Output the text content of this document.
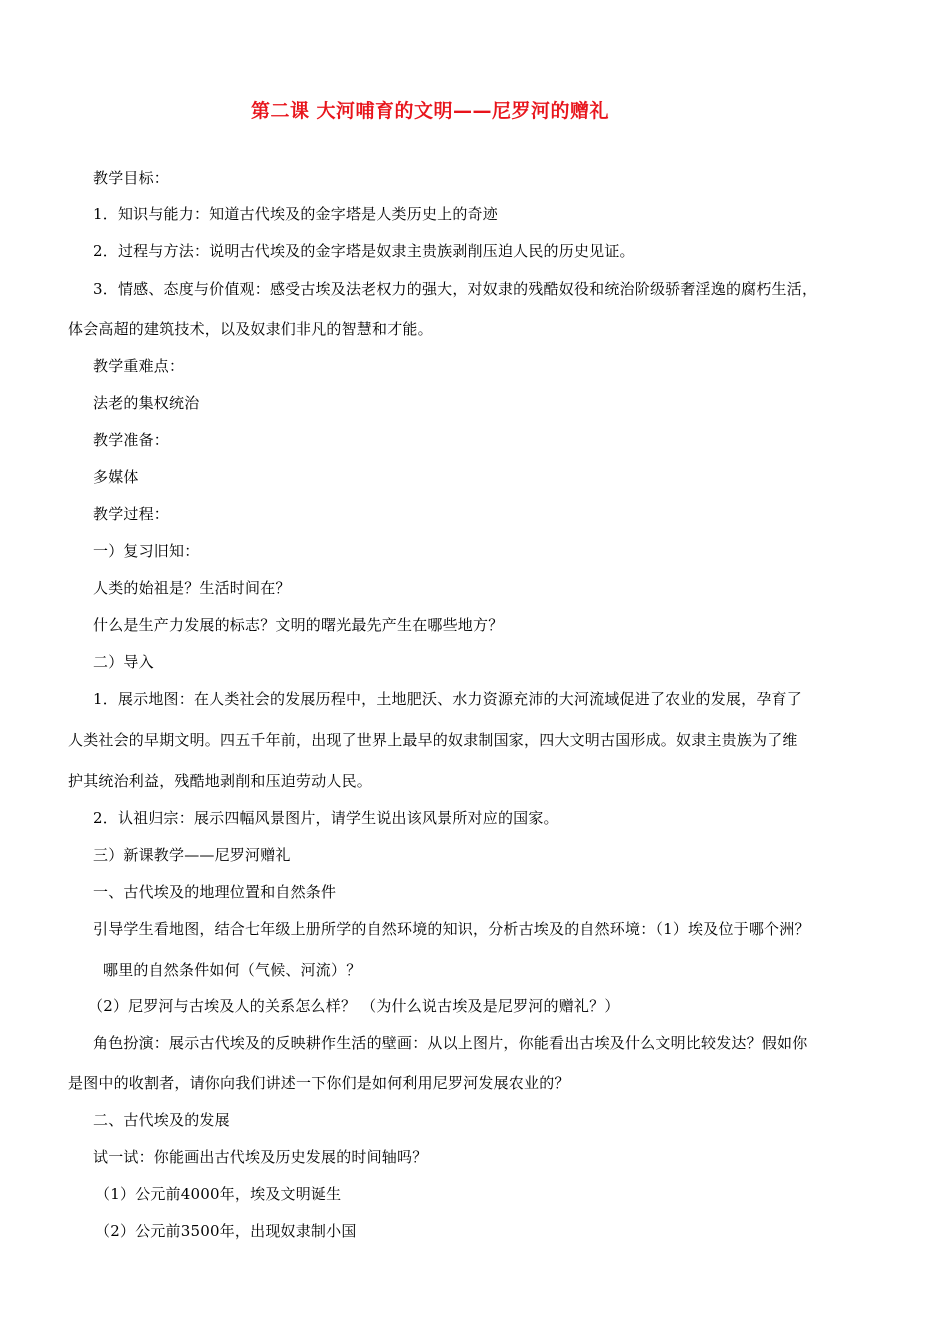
第二课 大河哺育的文明——尼罗河的赠礼
教学目标：
1．知识与能力：知道古代埃及的金字塔是人类历史上的奇迹
2．过程与方法：说明古代埃及的金字塔是奴隶主贵族剥削压迫人民的历史见证。
3．情感、态度与价值观：感受古埃及法老权力的强大，对奴隶的残酷奴役和统治阶级骄奢淫逸的腐朽生活，
体会高超的建筑技术，以及奴隶们非凡的智慧和才能。
教学重难点：
法老的集权统治
教学准备：
多媒体
教学过程：
一）复习旧知：
人类的始祖是？生活时间在？
什么是生产力发展的标志？文明的曙光最先产生在哪些地方？
二）导入
1．展示地图：在人类社会的发展历程中，土地肥沃、水力资源充沛的大河流域促进了农业的发展，孕育了
人类社会的早期文明。四五千年前，出现了世界上最早的奴隶制国家，四大文明古国形成。奴隶主贵族为了维
护其统治利益，残酷地剥削和压迫劳动人民。
2．认祖归宗：展示四幅风景图片，请学生说出该风景所对应的国家。
三）新课教学——尼罗河赠礼
一、古代埃及的地理位置和自然条件
引导学生看地图，结合七年级上册所学的自然环境的知识，分析古埃及的自然环境：（1）埃及位于哪个洲？
哪里的自然条件如何（气候、河流）？
（2）尼罗河与古埃及人的关系怎么样？ （为什么说古埃及是尼罗河的赠礼？）
角色扮演：展示古代埃及的反映耕作生活的壁画：从以上图片，你能看出古埃及什么文明比较发达？假如你
是图中的收割者，请你向我们讲述一下你们是如何利用尼罗河发展农业的？
二、古代埃及的发展
试一试：你能画出古代埃及历史发展的时间轴吗？
（1）公元前4000年，埃及文明诞生
（2）公元前3500年，出现奴隶制小国
